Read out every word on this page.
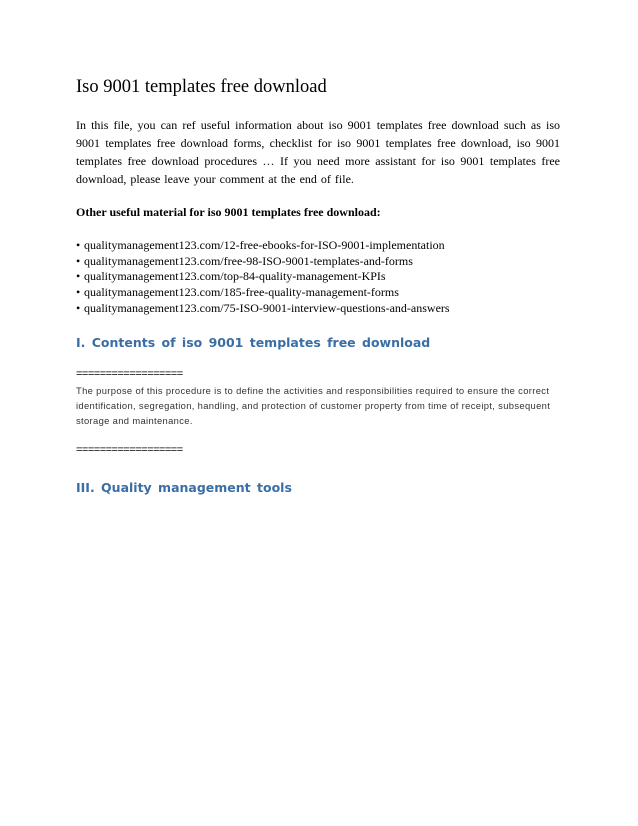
Iso 9001 templates free download

In this file, you can ref useful information about iso 9001 templates free download such as iso 9001 templates free download forms, checklist for iso 9001 templates free download, iso 9001 templates free download procedures … If you need more assistant for iso 9001 templates free download, please leave your comment at the end of file.

Other useful material for iso 9001 templates free download:

• qualitymanagement123.com/12-free-ebooks-for-ISO-9001-implementation
• qualitymanagement123.com/free-98-ISO-9001-templates-and-forms
• qualitymanagement123.com/top-84-quality-management-KPIs
• qualitymanagement123.com/185-free-quality-management-forms
• qualitymanagement123.com/75-ISO-9001-interview-questions-and-answers
I. Contents of iso 9001 templates free download

==================

The purpose of this procedure is to define the activities and responsibilities required to ensure the correct identification, segregation, handling, and protection of customer property from time of receipt, subsequent storage and maintenance.

==================

III. Quality management tools
